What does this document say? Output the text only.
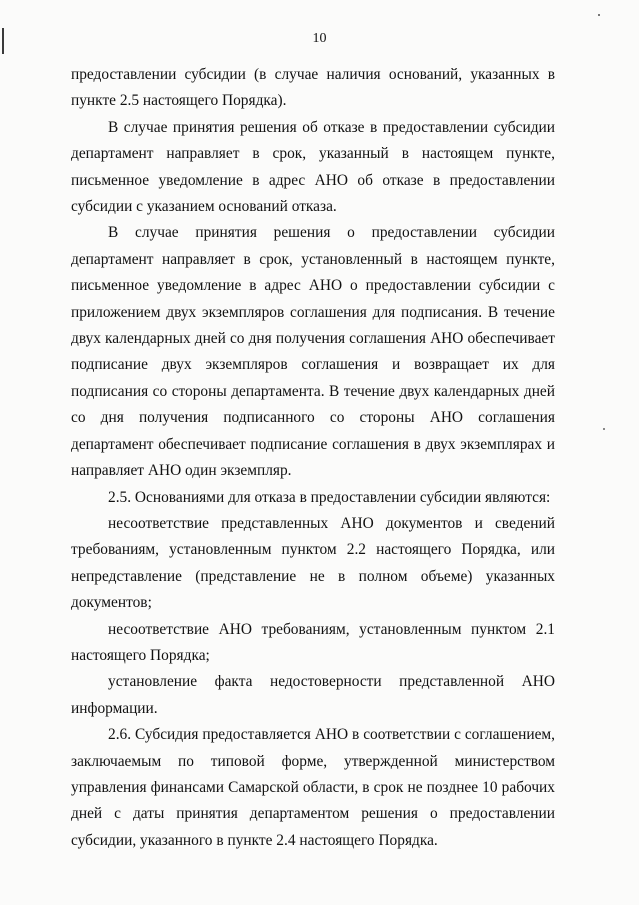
10

предоставлении субсидии (в случае наличия оснований, указанных в пункте 2.5 настоящего Порядка).

В случае принятия решения об отказе в предоставлении субсидии департамент направляет в срок, указанный в настоящем пункте, письменное уведомление в адрес АНО об отказе в предоставлении субсидии с указанием оснований отказа.

В случае принятия решения о предоставлении субсидии департамент направляет в срок, установленный в настоящем пункте, письменное уведомление в адрес АНО о предоставлении субсидии с приложением двух экземпляров соглашения для подписания. В течение двух календарных дней со дня получения соглашения АНО обеспечивает подписание двух экземпляров соглашения и возвращает их для подписания со стороны департамента. В течение двух календарных дней со дня получения подписанного со стороны АНО соглашения департамент обеспечивает подписание соглашения в двух экземплярах и направляет АНО один экземпляр.

2.5. Основаниями для отказа в предоставлении субсидии являются:

несоответствие представленных АНО документов и сведений требованиям, установленным пунктом 2.2 настоящего Порядка, или непредставление (представление не в полном объеме) указанных документов;

несоответствие АНО требованиям, установленным пунктом 2.1 настоящего Порядка;

установление факта недостоверности представленной АНО информации.

2.6. Субсидия предоставляется АНО в соответствии с соглашением, заключаемым по типовой форме, утвержденной министерством управления финансами Самарской области, в срок не позднее 10 рабочих дней с даты принятия департаментом решения о предоставлении субсидии, указанного в пункте 2.4 настоящего Порядка.
